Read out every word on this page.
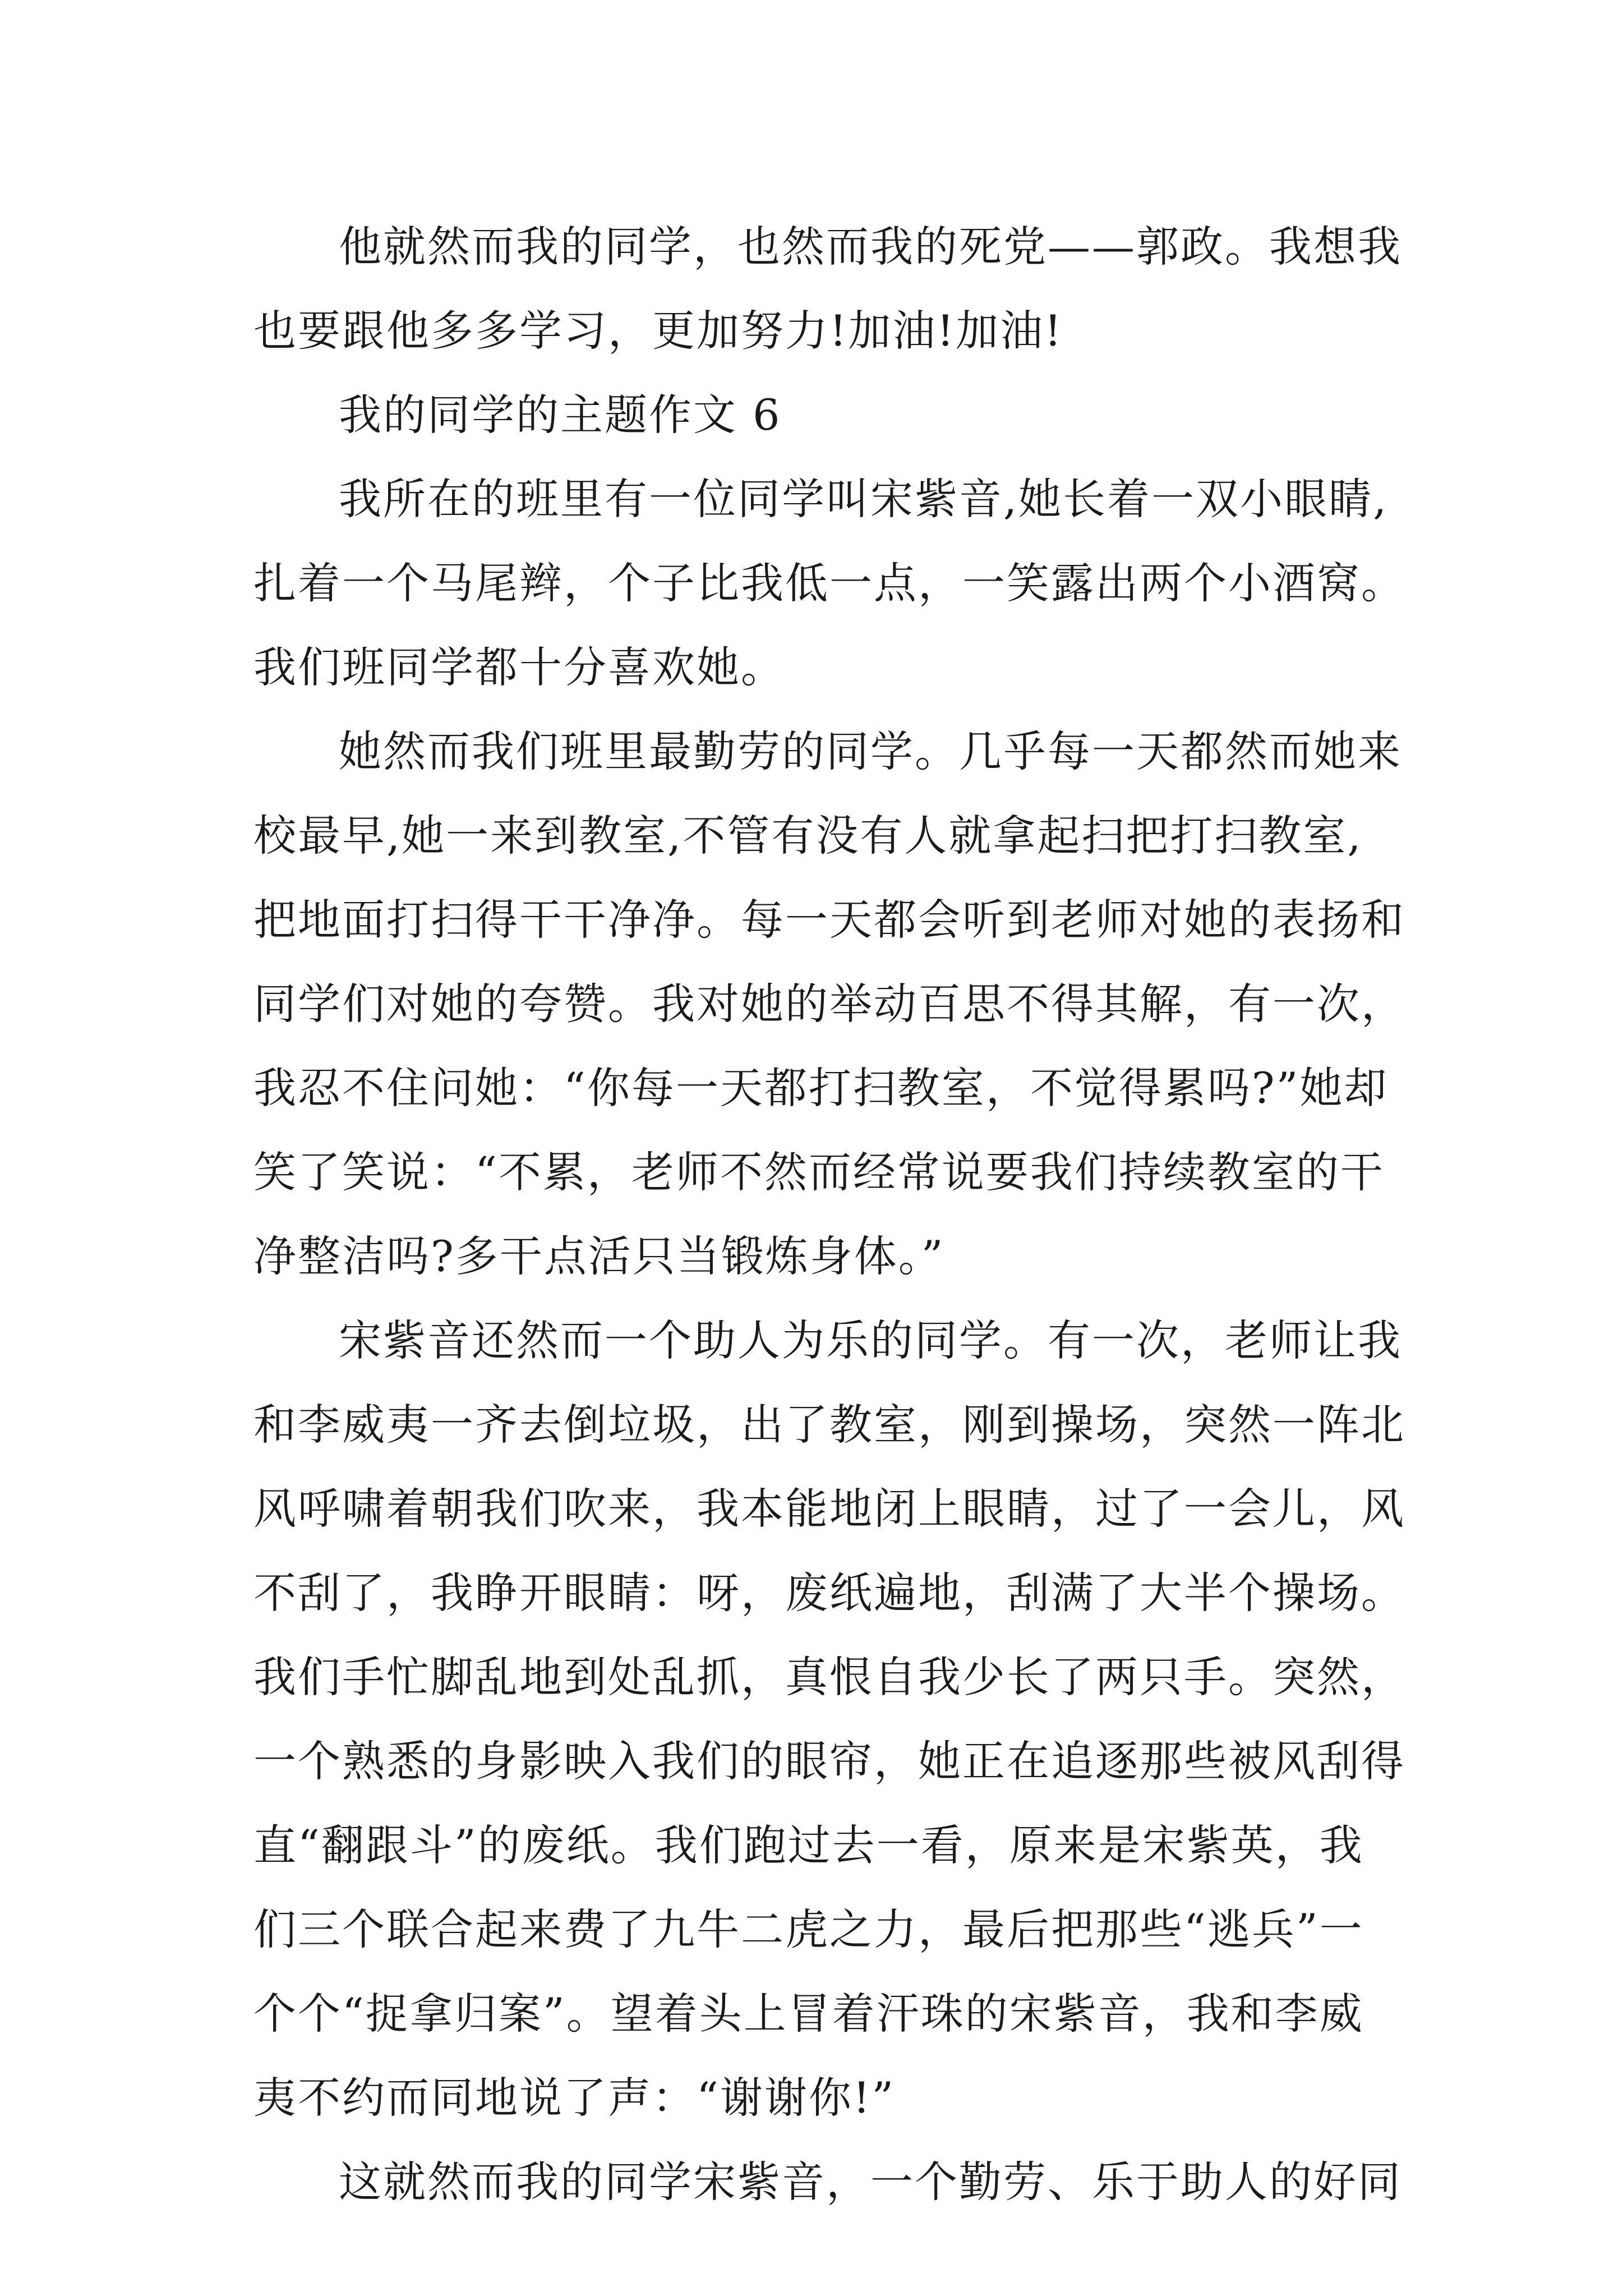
他就然而我的同学，也然而我的死党——郭政。我想我
也要跟他多多学习，更加努力!加油!加油!
我的同学的主题作文 6
我所在的班里有一位同学叫宋紫音,她长着一双小眼睛,
扎着一个马尾辫，个子比我低一点，一笑露出两个小酒窝。
我们班同学都十分喜欢她。
她然而我们班里最勤劳的同学。几乎每一天都然而她来
校最早,她一来到教室,不管有没有人就拿起扫把打扫教室,
把地面打扫得干干净净。每一天都会听到老师对她的表扬和
同学们对她的夸赞。我对她的举动百思不得其解，有一次，
我忍不住问她：“你每一天都打扫教室，不觉得累吗?”她却
笑了笑说：“不累，老师不然而经常说要我们持续教室的干
净整洁吗?多干点活只当锻炼身体。”
宋紫音还然而一个助人为乐的同学。有一次，老师让我
和李威夷一齐去倒垃圾，出了教室，刚到操场，突然一阵北
风呼啸着朝我们吹来，我本能地闭上眼睛，过了一会儿，风
不刮了，我睁开眼睛：呀，废纸遍地，刮满了大半个操场。
我们手忙脚乱地到处乱抓，真恨自我少长了两只手。突然，
一个熟悉的身影映入我们的眼帘，她正在追逐那些被风刮得
直“翻跟斗”的废纸。我们跑过去一看，原来是宋紫英，我
们三个联合起来费了九牛二虎之力，最后把那些“逃兵”一
个个“捉拿归案”。望着头上冒着汗珠的宋紫音，我和李威
夷不约而同地说了声：“谢谢你!”
这就然而我的同学宋紫音，一个勤劳、乐于助人的好同
